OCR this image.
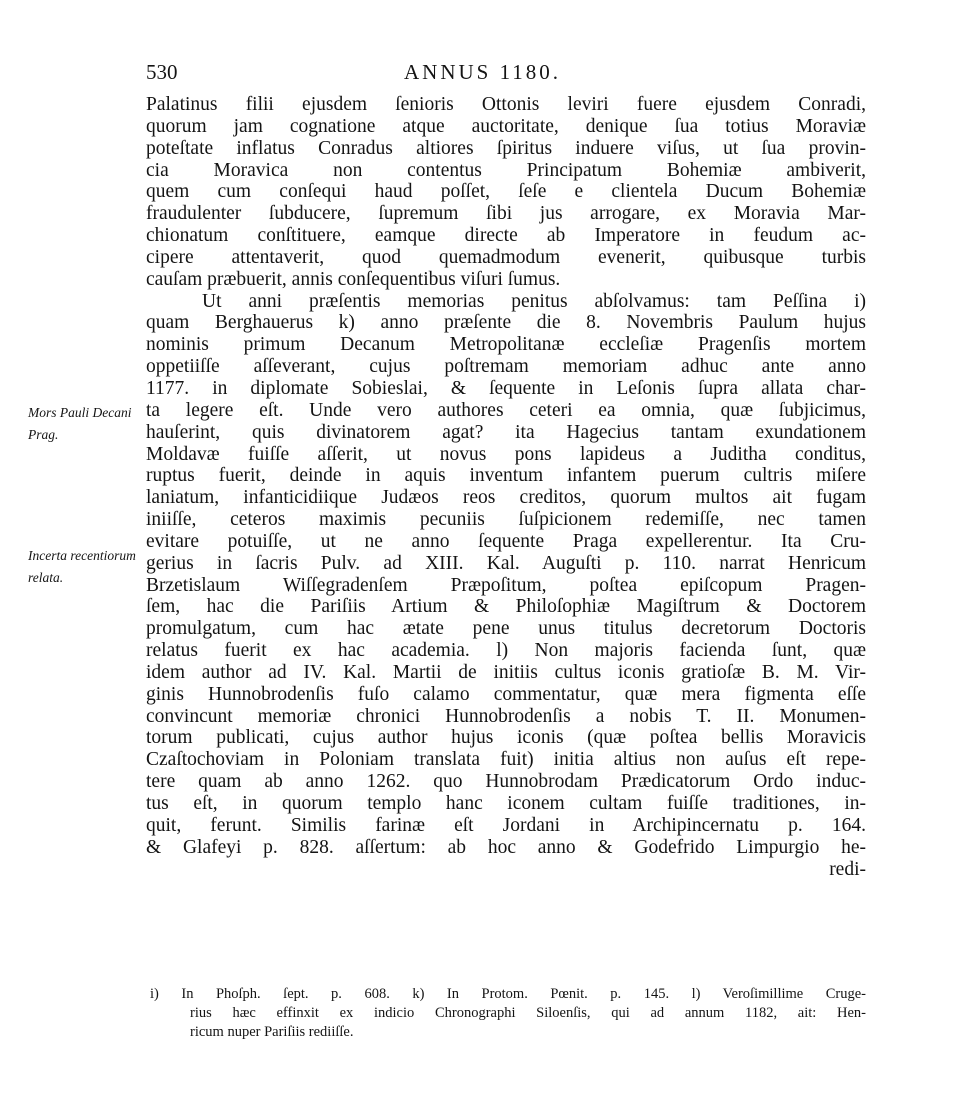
530	ANNUS 1180.
Mors Pauli Decani Prag.
Incerta recentiorum relata.
Palatinus filii ejusdem ſenioris Ottonis leviri fuere ejusdem Conradi,
quorum jam cognatione atque auctoritate, denique ſua totius Moraviæ
poteſtate inflatus Conradus altiores ſpiritus induere viſus, ut ſua provin-
cia Moravica non contentus Principatum Bohemiæ ambiverit,
quem cum conſequi haud poſſet, ſeſe e clientela Ducum Bohemiæ
fraudulenter ſubducere, ſupremum ſibi jus arrogare, ex Moravia Mar-
chionatum conſtituere, eamque directe ab Imperatore in feudum ac-
cipere attentaverit, quod quemadmodum evenerit, quibusque turbis
cauſam præbuerit, annis conſequentibus viſuri ſumus.
Ut anni præſentis memorias penitus abſolvamus: tam Peſſina i)
quam Berghauerus k) anno præſente die 8. Novembris Paulum hujus
nominis primum Decanum Metropolitanæ eccleſiæ Pragenſis mortem
oppetiiſſe aſſeverant, cujus poſtremam memoriam adhuc ante anno
1177. in diplomate Sobieslai, & ſequente in Leſonis ſupra allata char-
ta legere eſt. Unde vero authores ceteri ea omnia, quæ ſubjicimus,
hauſerint, quis divinatorem agat? ita Hagecius tantam exundationem
Moldavæ fuiſſe aſſerit, ut novus pons lapideus a Juditha conditus,
ruptus fuerit, deinde in aquis inventum infantem puerum cultris miſere
laniatum, infanticidiique Judæos reos creditos, quorum multos ait fugam
iniiſſe, ceteros maximis pecuniis ſuſpicionem redemiſſe, nec tamen
evitare potuiſſe, ut ne anno ſequente Praga expellerentur. Ita Cru-
gerius in ſacris Pulv. ad XIII. Kal. Auguſti p. 110. narrat Henricum
Brzetislaum Wiſſegradenſem Præpoſitum, poſtea epiſcopum Pragen-
ſem, hac die Pariſiis Artium & Philoſophiæ Magiſtrum & Doctorem
promulgatum, cum hac ætate pene unus titulus decretorum Doctoris
relatus fuerit ex hac academia. l) Non majoris facienda ſunt, quæ
idem author ad IV. Kal. Martii de initiis cultus iconis gratioſæ B. M. Vir-
ginis Hunnobrodenſis fuſo calamo commentatur, quæ mera figmenta eſſe
convincunt memoriæ chronici Hunnobrodenſis a nobis T. II. Monumen-
torum publicati, cujus author hujus iconis (quæ poſtea bellis Moravicis
Czaſtochoviam in Poloniam translata fuit) initia altius non auſus eſt repe-
tere quam ab anno 1262. quo Hunnobrodam Prædicatorum Ordo induc-
tus eſt, in quorum templo hanc iconem cultam fuiſſe traditiones, in-
quit, ferunt. Similis farinæ eſt Jordani in Archipincernatu p. 164.
& Glafeyi p. 828. aſſertum: ab hoc anno & Godefrido Limpurgio he-
redi-
i) In Phoſph. ſept. p. 608. k) In Protom. Pœnit. p. 145. l) Veroſimillime Cruge-
rius hæc effinxit ex indicio Chronographi Siloenſis, qui ad annum 1182, ait: Hen-
ricum nuper Pariſiis rediiſſe.
